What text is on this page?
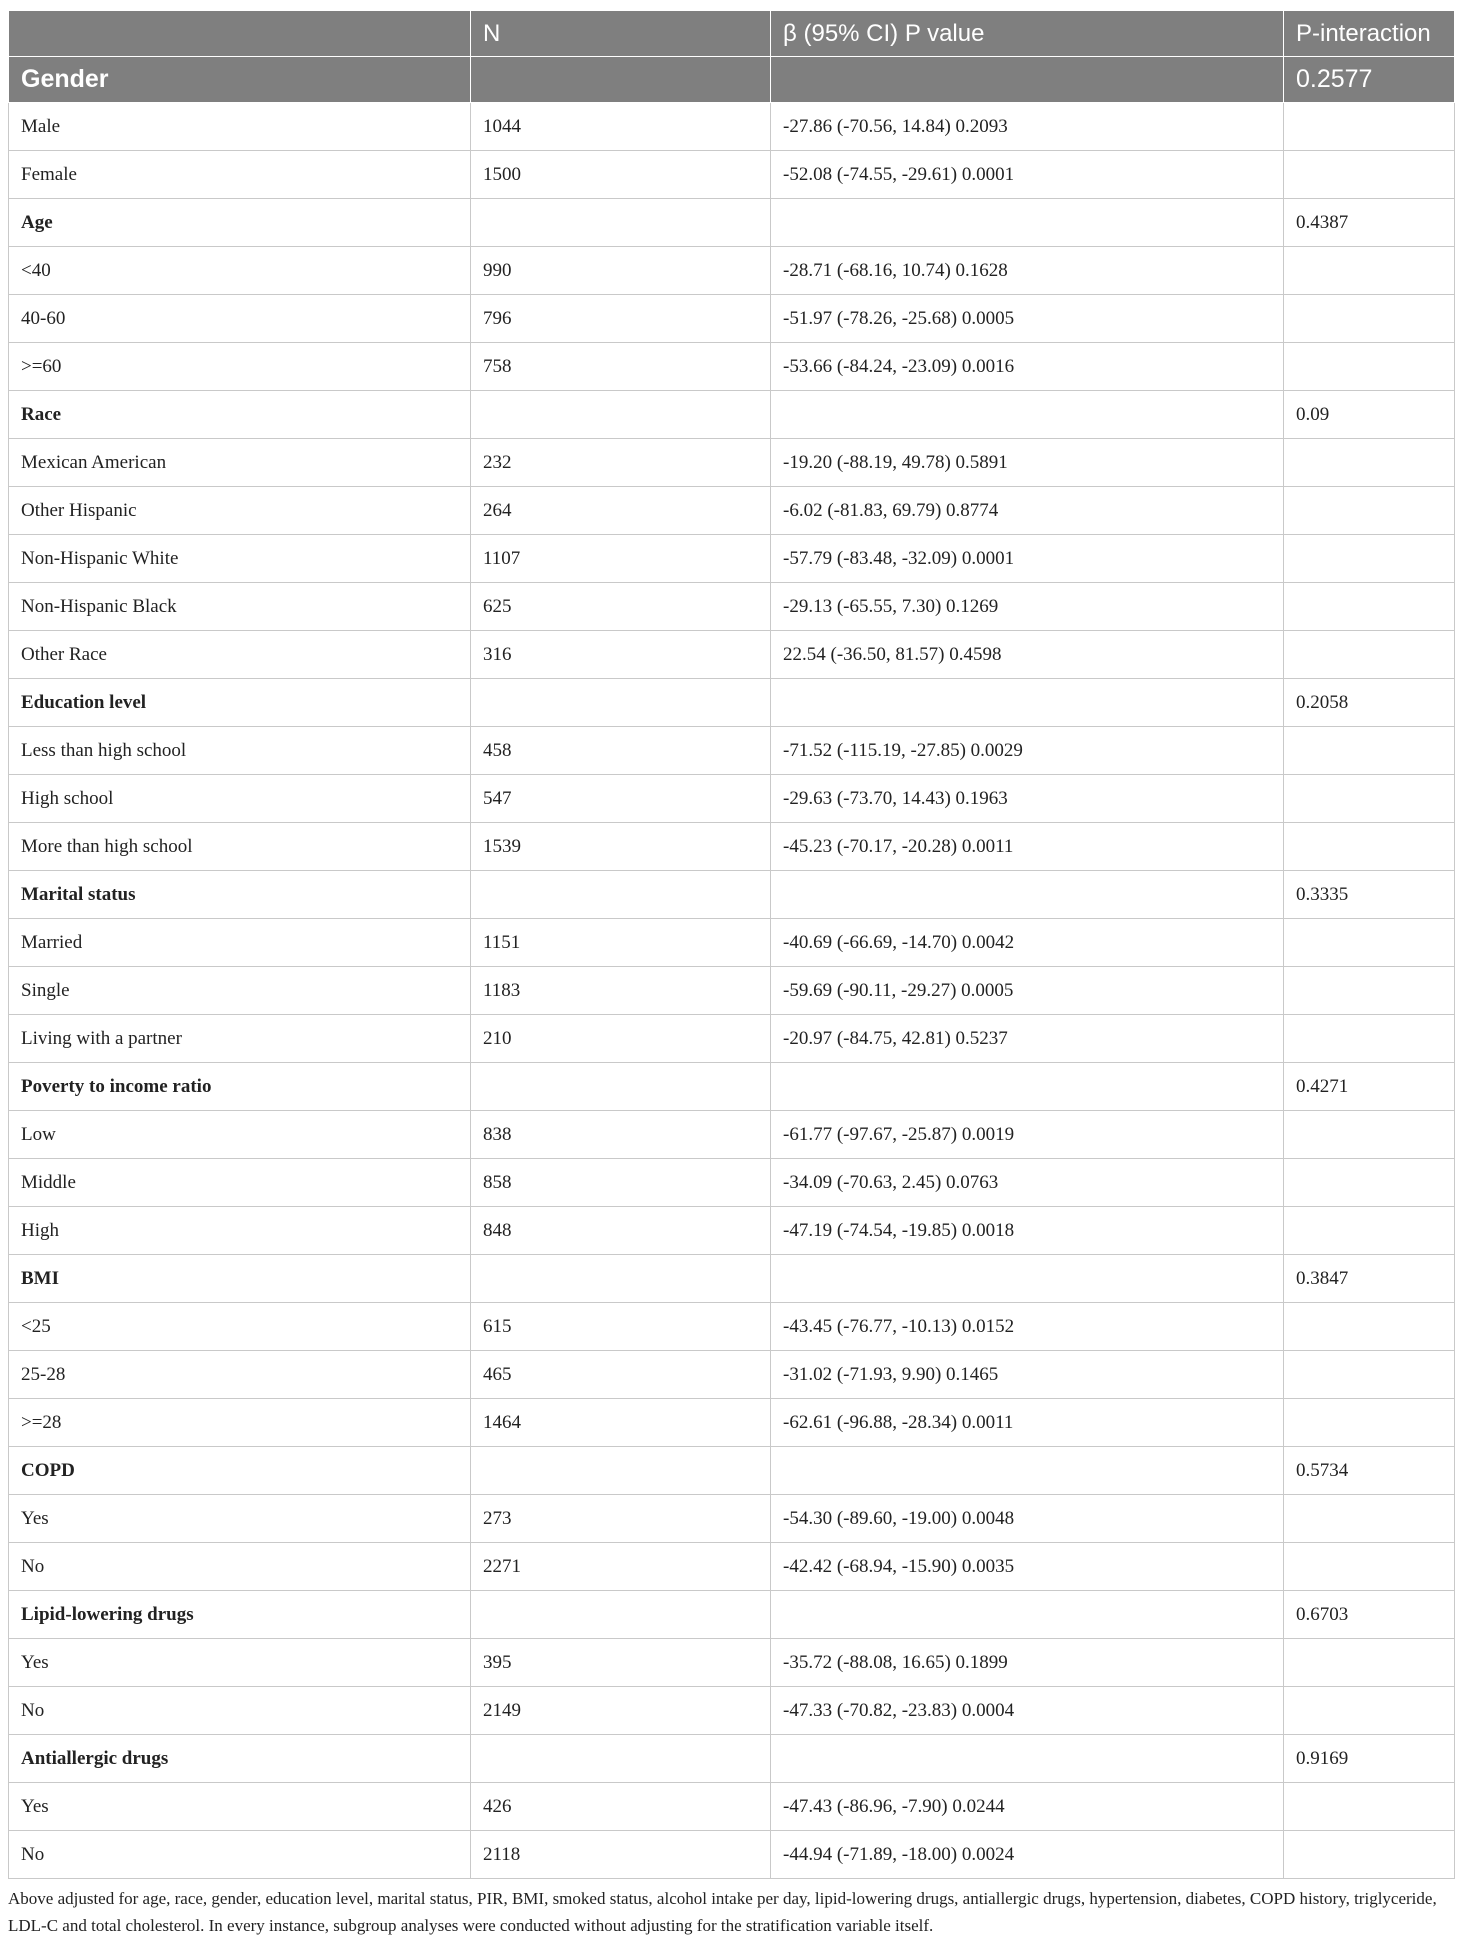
	N	β (95% CI) P value	P-interaction
Gender			0.2577
Male	1044	-27.86 (-70.56, 14.84) 0.2093	
Female	1500	-52.08 (-74.55, -29.61) 0.0001	
Age			0.4387
<40	990	-28.71 (-68.16, 10.74) 0.1628	
40-60	796	-51.97 (-78.26, -25.68) 0.0005	
>=60	758	-53.66 (-84.24, -23.09) 0.0016	
Race			0.09
Mexican American	232	-19.20 (-88.19, 49.78) 0.5891	
Other Hispanic	264	-6.02 (-81.83, 69.79) 0.8774	
Non-Hispanic White	1107	-57.79 (-83.48, -32.09) 0.0001	
Non-Hispanic Black	625	-29.13 (-65.55, 7.30) 0.1269	
Other Race	316	22.54 (-36.50, 81.57) 0.4598	
Education level			0.2058
Less than high school	458	-71.52 (-115.19, -27.85) 0.0029	
High school	547	-29.63 (-73.70, 14.43) 0.1963	
More than high school	1539	-45.23 (-70.17, -20.28) 0.0011	
Marital status			0.3335
Married	1151	-40.69 (-66.69, -14.70) 0.0042	
Single	1183	-59.69 (-90.11, -29.27) 0.0005	
Living with a partner	210	-20.97 (-84.75, 42.81) 0.5237	
Poverty to income ratio			0.4271
Low	838	-61.77 (-97.67, -25.87) 0.0019	
Middle	858	-34.09 (-70.63, 2.45) 0.0763	
High	848	-47.19 (-74.54, -19.85) 0.0018	
BMI			0.3847
<25	615	-43.45 (-76.77, -10.13) 0.0152	
25-28	465	-31.02 (-71.93, 9.90) 0.1465	
>=28	1464	-62.61 (-96.88, -28.34) 0.0011	
COPD			0.5734
Yes	273	-54.30 (-89.60, -19.00) 0.0048	
No	2271	-42.42 (-68.94, -15.90) 0.0035	
Lipid-lowering drugs			0.6703
Yes	395	-35.72 (-88.08, 16.65) 0.1899	
No	2149	-47.33 (-70.82, -23.83) 0.0004	
Antiallergic drugs			0.9169
Yes	426	-47.43 (-86.96, -7.90) 0.0244	
No	2118	-44.94 (-71.89, -18.00) 0.0024	
Above adjusted for age, race, gender, education level, marital status, PIR, BMI, smoked status, alcohol intake per day, lipid-lowering drugs, antiallergic drugs, hypertension, diabetes, COPD history, triglyceride, LDL-C and total cholesterol. In every instance, subgroup analyses were conducted without adjusting for the stratification variable itself.
